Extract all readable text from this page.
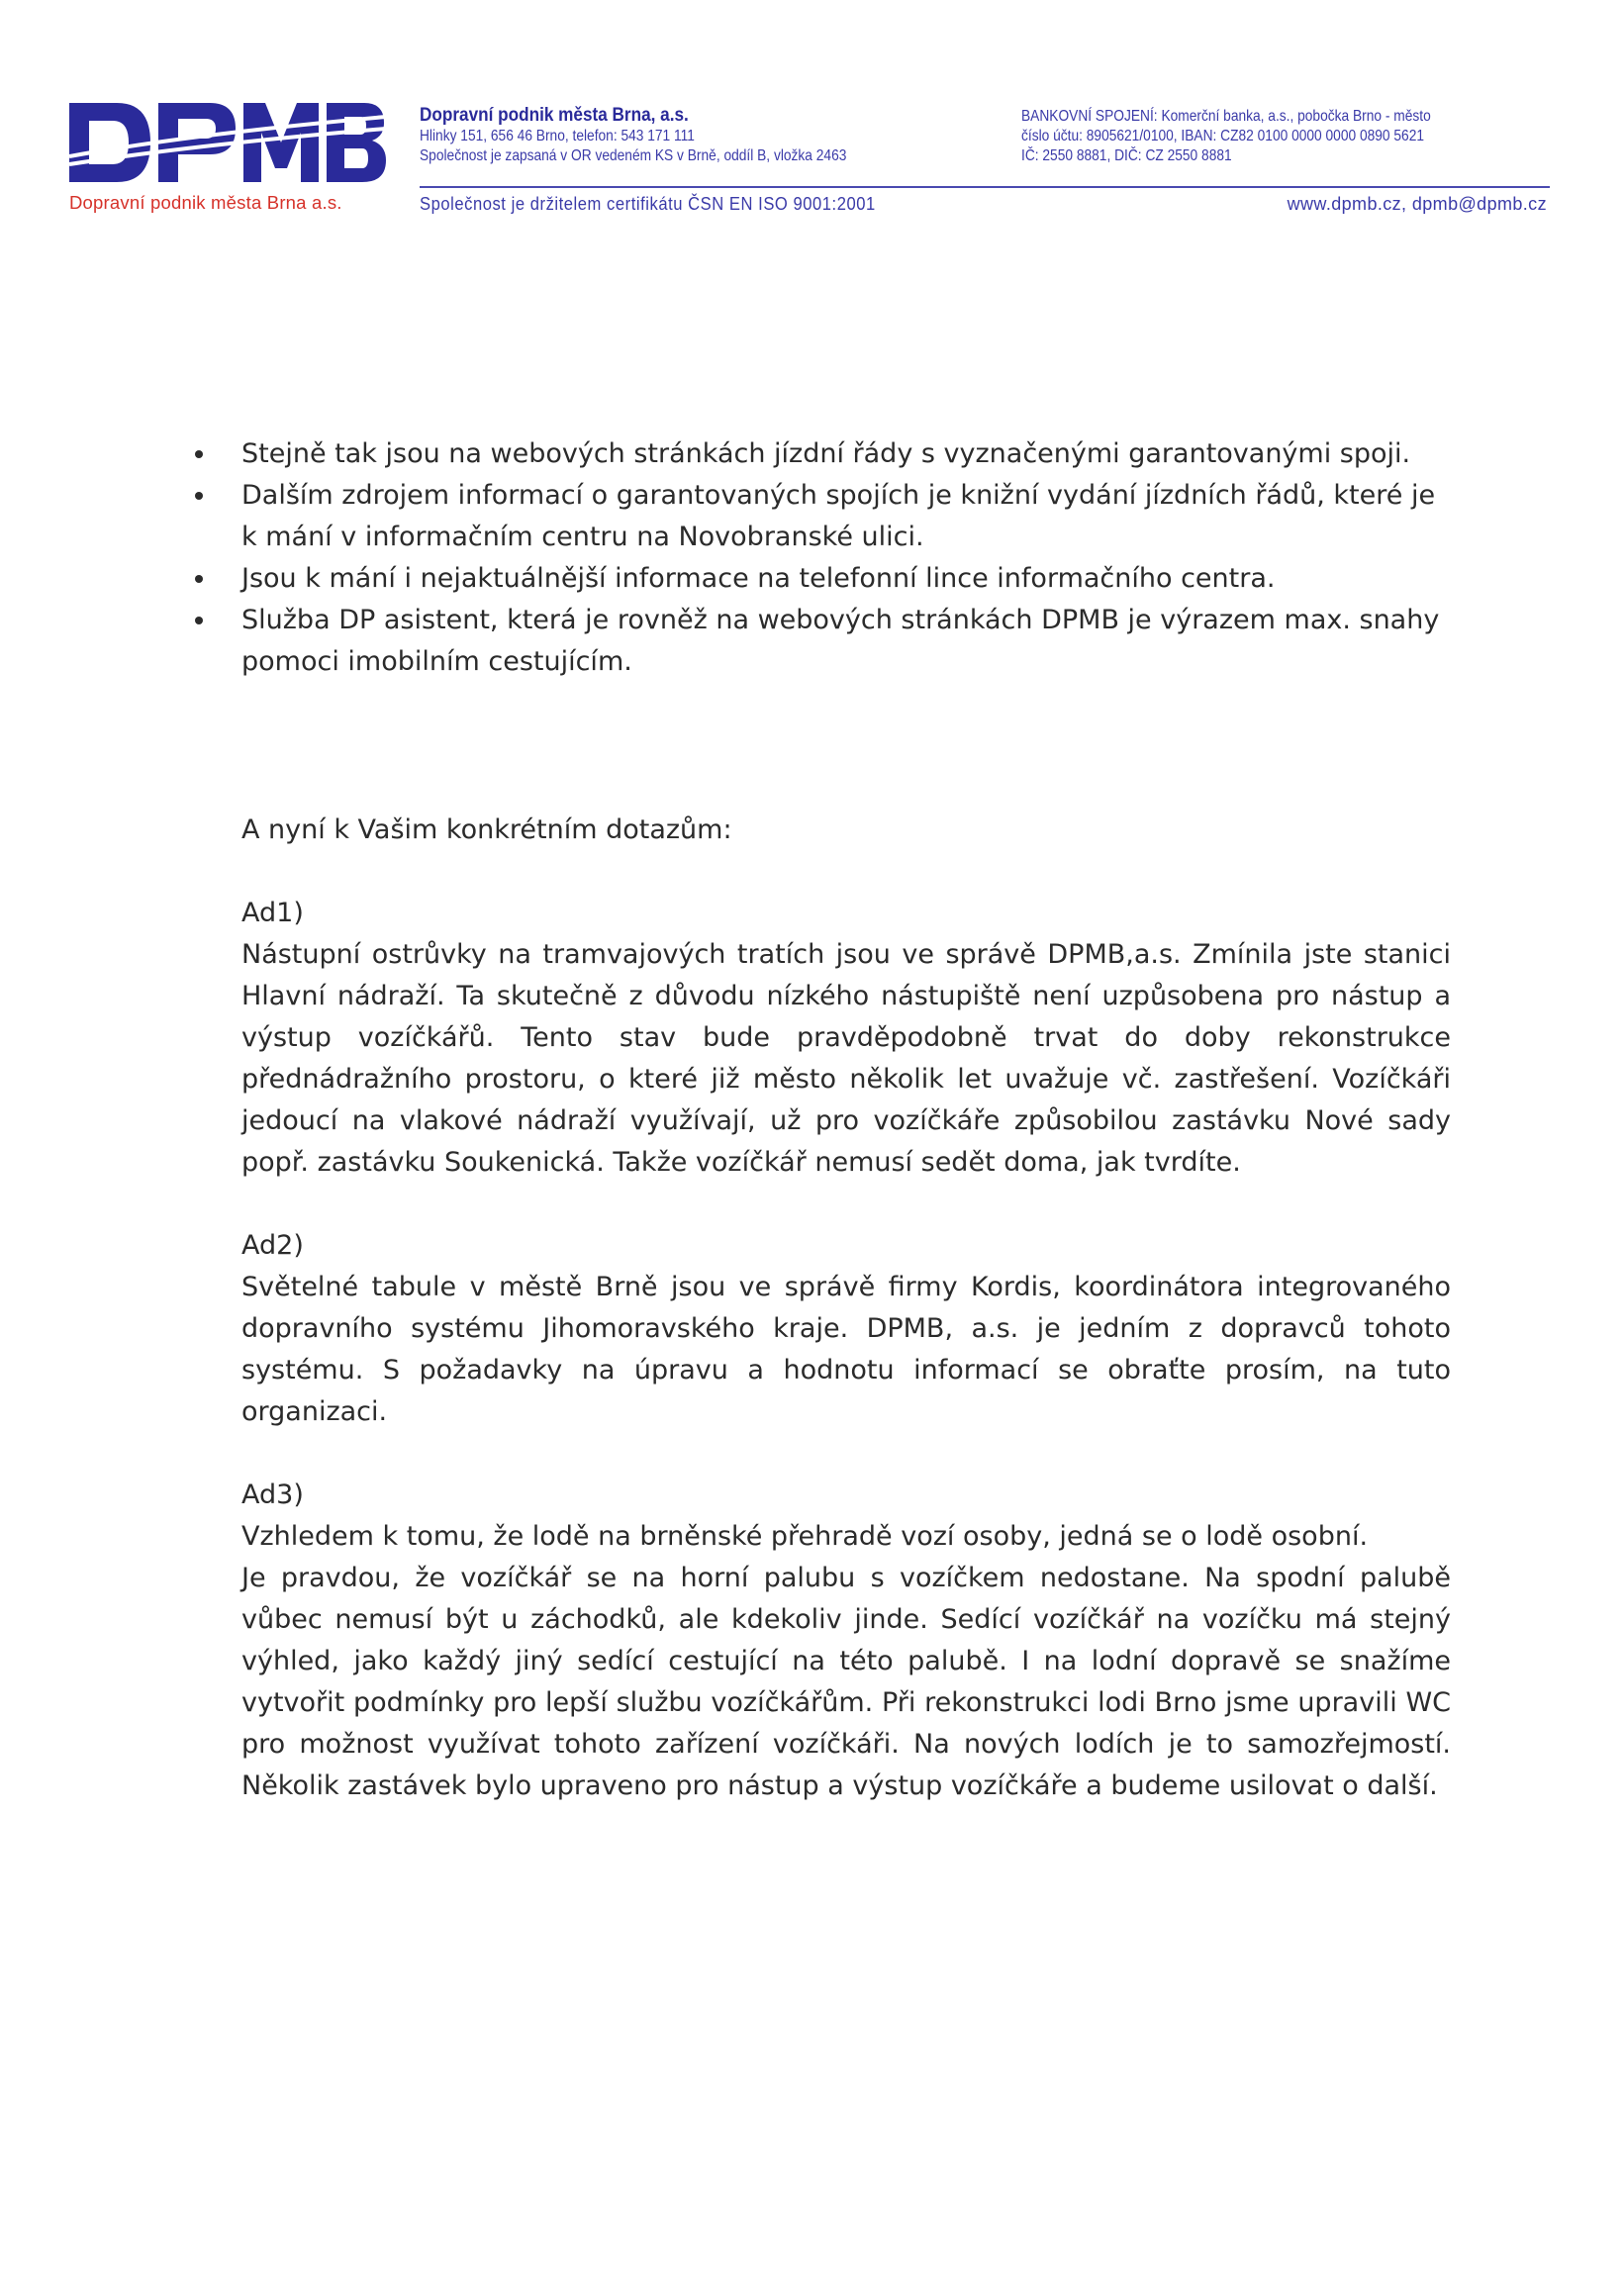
Dopravní podnik města Brna a.s.
Dopravní podnik města Brna, a.s.
Hlinky 151, 656 46 Brno, telefon: 543 171 111
Společnost je zapsaná v OR vedeném KS v Brně, oddíl B, vložka 2463
BANKOVNÍ SPOJENÍ: Komerční banka, a.s., pobočka Brno - město
číslo účtu: 8905621/0100, IBAN: CZ82 0100 0000 0000 0890 5621
IČ: 2550 8881, DIČ: CZ 2550 8881
Společnost je držitelem certifikátu ČSN EN ISO 9001:2001	www.dpmb.cz, dpmb@dpmb.cz
Stejně tak jsou na webových stránkách jízdní řády s vyznačenými garantovanými spoji.
Dalším zdrojem informací o garantovaných spojích je knižní vydání jízdních řádů, které je k mání v informačním centru na Novobranské ulici.
Jsou k mání i nejaktuálnější informace na telefonní lince informačního centra.
Služba DP asistent, která je rovněž na webových stránkách DPMB je výrazem max. snahy pomoci imobilním cestujícím.

A nyní k Vašim konkrétním dotazům:

Ad1)

Nástupní ostrůvky na tramvajových tratích jsou ve správě DPMB,a.s. Zmínila jste stanici Hlavní nádraží. Ta skutečně z důvodu nízkého nástupiště není uzpůsobena pro nástup a výstup vozíčkářů. Tento stav bude pravděpodobně trvat do doby rekonstrukce přednádražního prostoru, o které již město několik let uvažuje vč. zastřešení. Vozíčkáři jedoucí na vlakové nádraží využívají, už pro vozíčkáře způsobilou zastávku Nové sady popř. zastávku Soukenická. Takže vozíčkář nemusí sedět doma, jak tvrdíte.

Ad2)

Světelné tabule v městě Brně jsou ve správě firmy Kordis, koordinátora integrovaného dopravního systému Jihomoravského kraje. DPMB, a.s. je jedním z dopravců tohoto systému. S požadavky na úpravu a hodnotu informací se obraťte prosím, na tuto organizaci.

Ad3)

Vzhledem k tomu, že lodě na brněnské přehradě vozí osoby, jedná se o lodě osobní.

Je pravdou, že vozíčkář se na horní palubu s vozíčkem nedostane. Na spodní palubě vůbec nemusí být u záchodků, ale kdekoliv jinde. Sedící vozíčkář na vozíčku má stejný výhled, jako každý jiný sedící cestující na této palubě. I na lodní dopravě se snažíme vytvořit podmínky pro lepší službu vozíčkářům. Při rekonstrukci lodi Brno jsme upravili WC pro možnost využívat tohoto zařízení vozíčkáři. Na nových lodích je to samozřejmostí. Několik zastávek bylo upraveno pro nástup a výstup vozíčkáře a budeme usilovat o další.
